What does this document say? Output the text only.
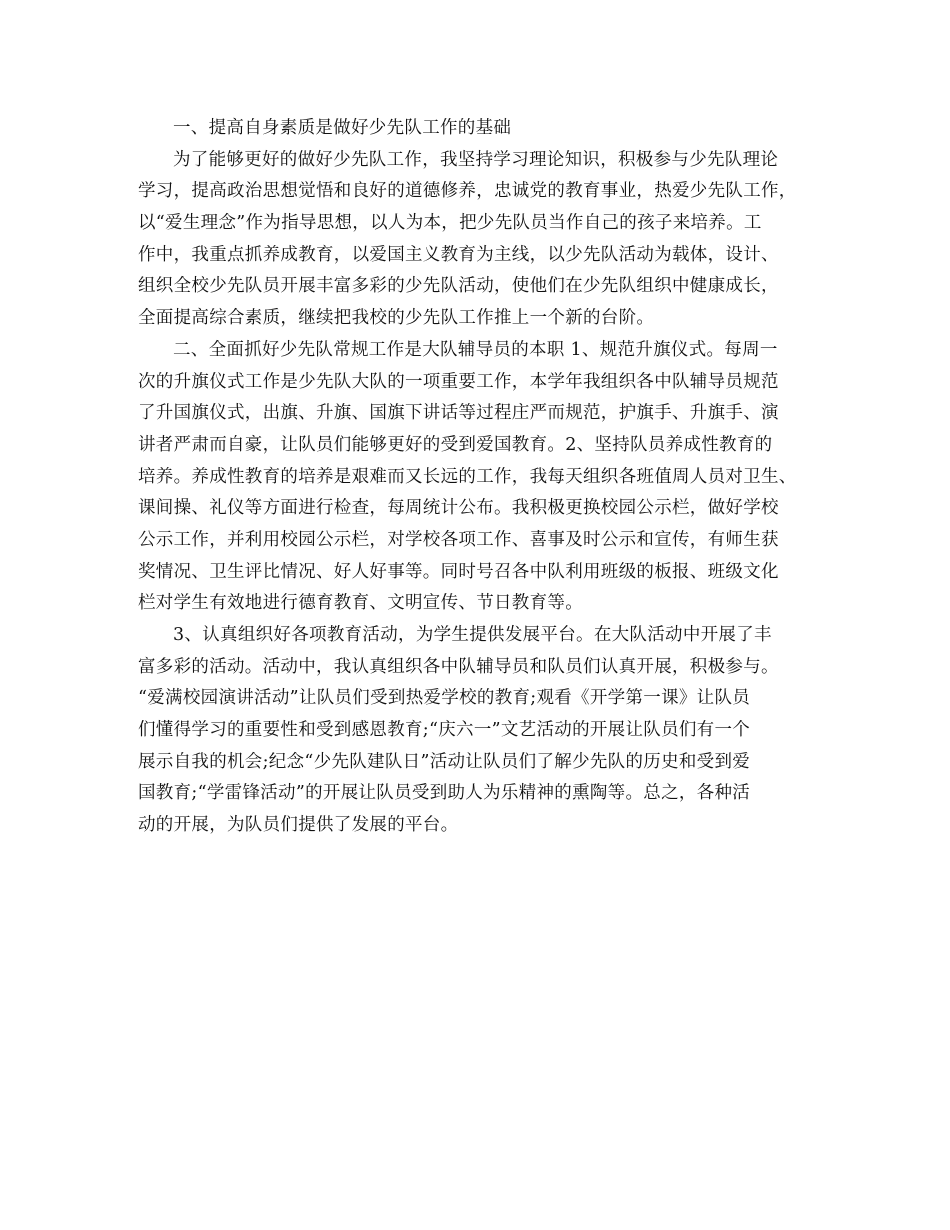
一、提高自身素质是做好少先队工作的基础
为了能够更好的做好少先队工作，我坚持学习理论知识，积极参与少先队理论
学习，提高政治思想觉悟和良好的道德修养，忠诚党的教育事业，热爱少先队工作，
以“爱生理念”作为指导思想，以人为本，把少先队员当作自己的孩子来培养。工
作中，我重点抓养成教育，以爱国主义教育为主线，以少先队活动为载体，设计、
组织全校少先队员开展丰富多彩的少先队活动，使他们在少先队组织中健康成长，
全面提高综合素质，继续把我校的少先队工作推上一个新的台阶。
二、全面抓好少先队常规工作是大队辅导员的本职 1、规范升旗仪式。每周一
次的升旗仪式工作是少先队大队的一项重要工作，本学年我组织各中队辅导员规范
了升国旗仪式，出旗、升旗、国旗下讲话等过程庄严而规范，护旗手、升旗手、演
讲者严肃而自豪，让队员们能够更好的受到爱国教育。2、坚持队员养成性教育的
培养。养成性教育的培养是艰难而又长远的工作，我每天组织各班值周人员对卫生、
课间操、礼仪等方面进行检查，每周统计公布。我积极更换校园公示栏，做好学校
公示工作，并利用校园公示栏，对学校各项工作、喜事及时公示和宣传，有师生获
奖情况、卫生评比情况、好人好事等。同时号召各中队利用班级的板报、班级文化
栏对学生有效地进行德育教育、文明宣传、节日教育等。
3、认真组织好各项教育活动，为学生提供发展平台。在大队活动中开展了丰
富多彩的活动。活动中，我认真组织各中队辅导员和队员们认真开展，积极参与。
“爱满校园演讲活动”让队员们受到热爱学校的教育;观看《开学第一课》让队员
们懂得学习的重要性和受到感恩教育;“庆六一”文艺活动的开展让队员们有一个
展示自我的机会;纪念“少先队建队日”活动让队员们了解少先队的历史和受到爱
国教育;“学雷锋活动”的开展让队员受到助人为乐精神的熏陶等。总之，各种活
动的开展，为队员们提供了发展的平台。
